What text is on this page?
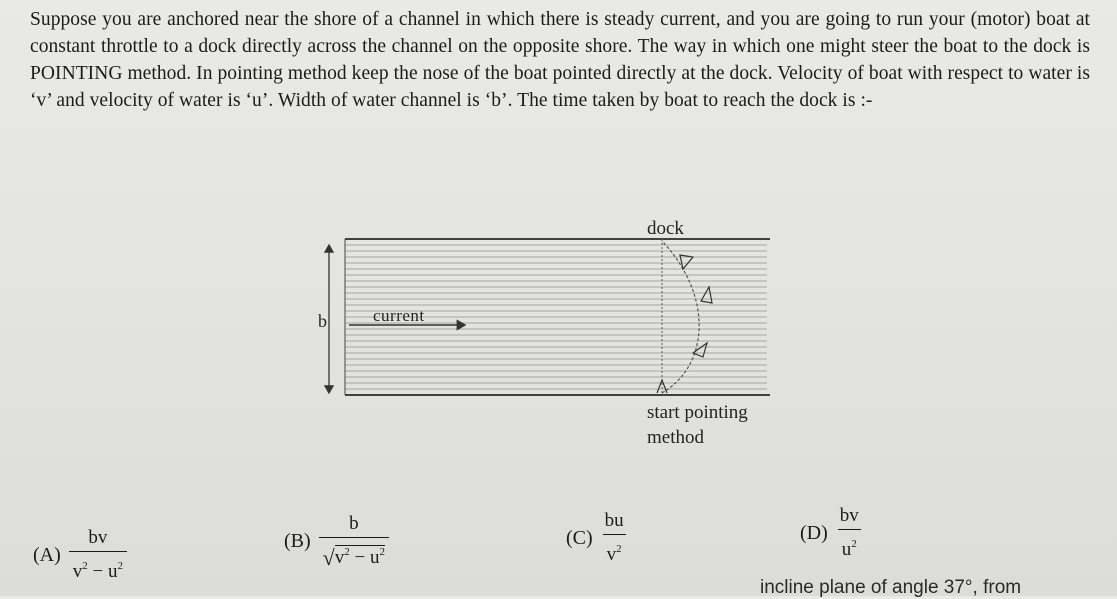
Suppose you are anchored near the shore of a channel in which there is steady current, and you are going to run your (motor) boat at constant throttle to a dock directly across the channel on the opposite shore. The way in which one might steer the boat to the dock is POINTING method. In pointing method keep the nose of the boat pointed directly at the dock. Velocity of boat with respect to water is ‘v’ and velocity of water is ‘u’. Width of water channel is ‘b’. The time taken by boat to reach the dock is :-

dock
b	current
start pointing
method
$(A) \frac{bv}{v^2 - u^2}$	$(B) \frac{b}{√v^2 - u^2}$	$(C) \frac{bu}{v^2}$	$(D) \frac{bv}{u^2}$
incline plane of angle 37°, from
